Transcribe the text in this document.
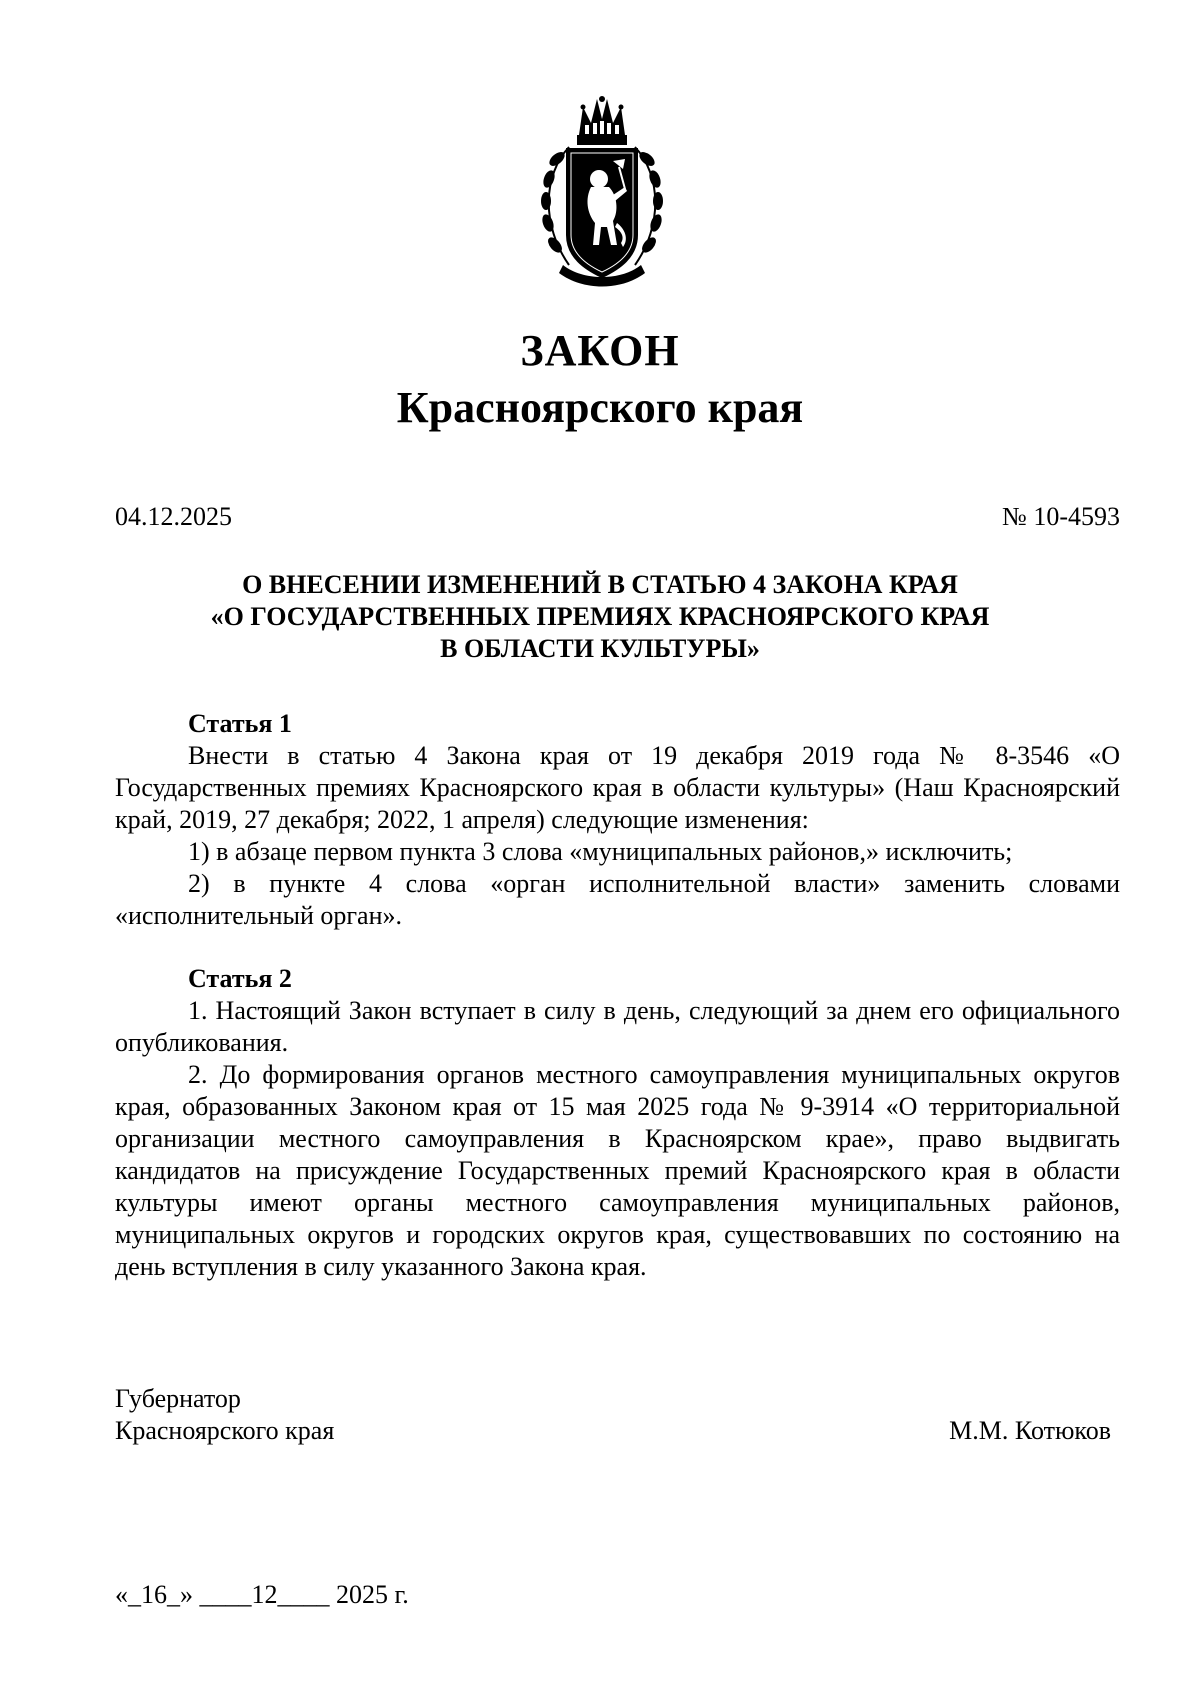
ЗАКОН
Красноярского края
04.12.2025	№ 10-4593
О ВНЕСЕНИИ ИЗМЕНЕНИЙ В СТАТЬЮ 4 ЗАКОНА КРАЯ
«О ГОСУДАРСТВЕННЫХ ПРЕМИЯХ КРАСНОЯРСКОГО КРАЯ
В ОБЛАСТИ КУЛЬТУРЫ»
Статья 1

Внести в статью 4 Закона края от 19 декабря 2019 года № 8-3546 «О Государственных премиях Красноярского края в области культуры» (Наш Красноярский край, 2019, 27 декабря; 2022, 1 апреля) следующие изменения:

1) в абзаце первом пункта 3 слова «муниципальных районов,» исключить;

2) в пункте 4 слова «орган исполнительной власти» заменить словами «исполнительный орган».

Статья 2

1. Настоящий Закон вступает в силу в день, следующий за днем его официального опубликования.

2. До формирования органов местного самоуправления муниципальных округов края, образованных Законом края от 15 мая 2025 года № 9-3914 «О территориальной организации местного самоуправления в Красноярском крае», право выдвигать кандидатов на присуждение Государственных премий Красноярского края в области культуры имеют органы местного самоуправления муниципальных районов, муниципальных округов и городских округов края, существовавших по состоянию на день вступления в силу указанного Закона края.

Губернатор
Красноярского края	М.М. Котюков
«_16_» ____12____ 2025 г.
